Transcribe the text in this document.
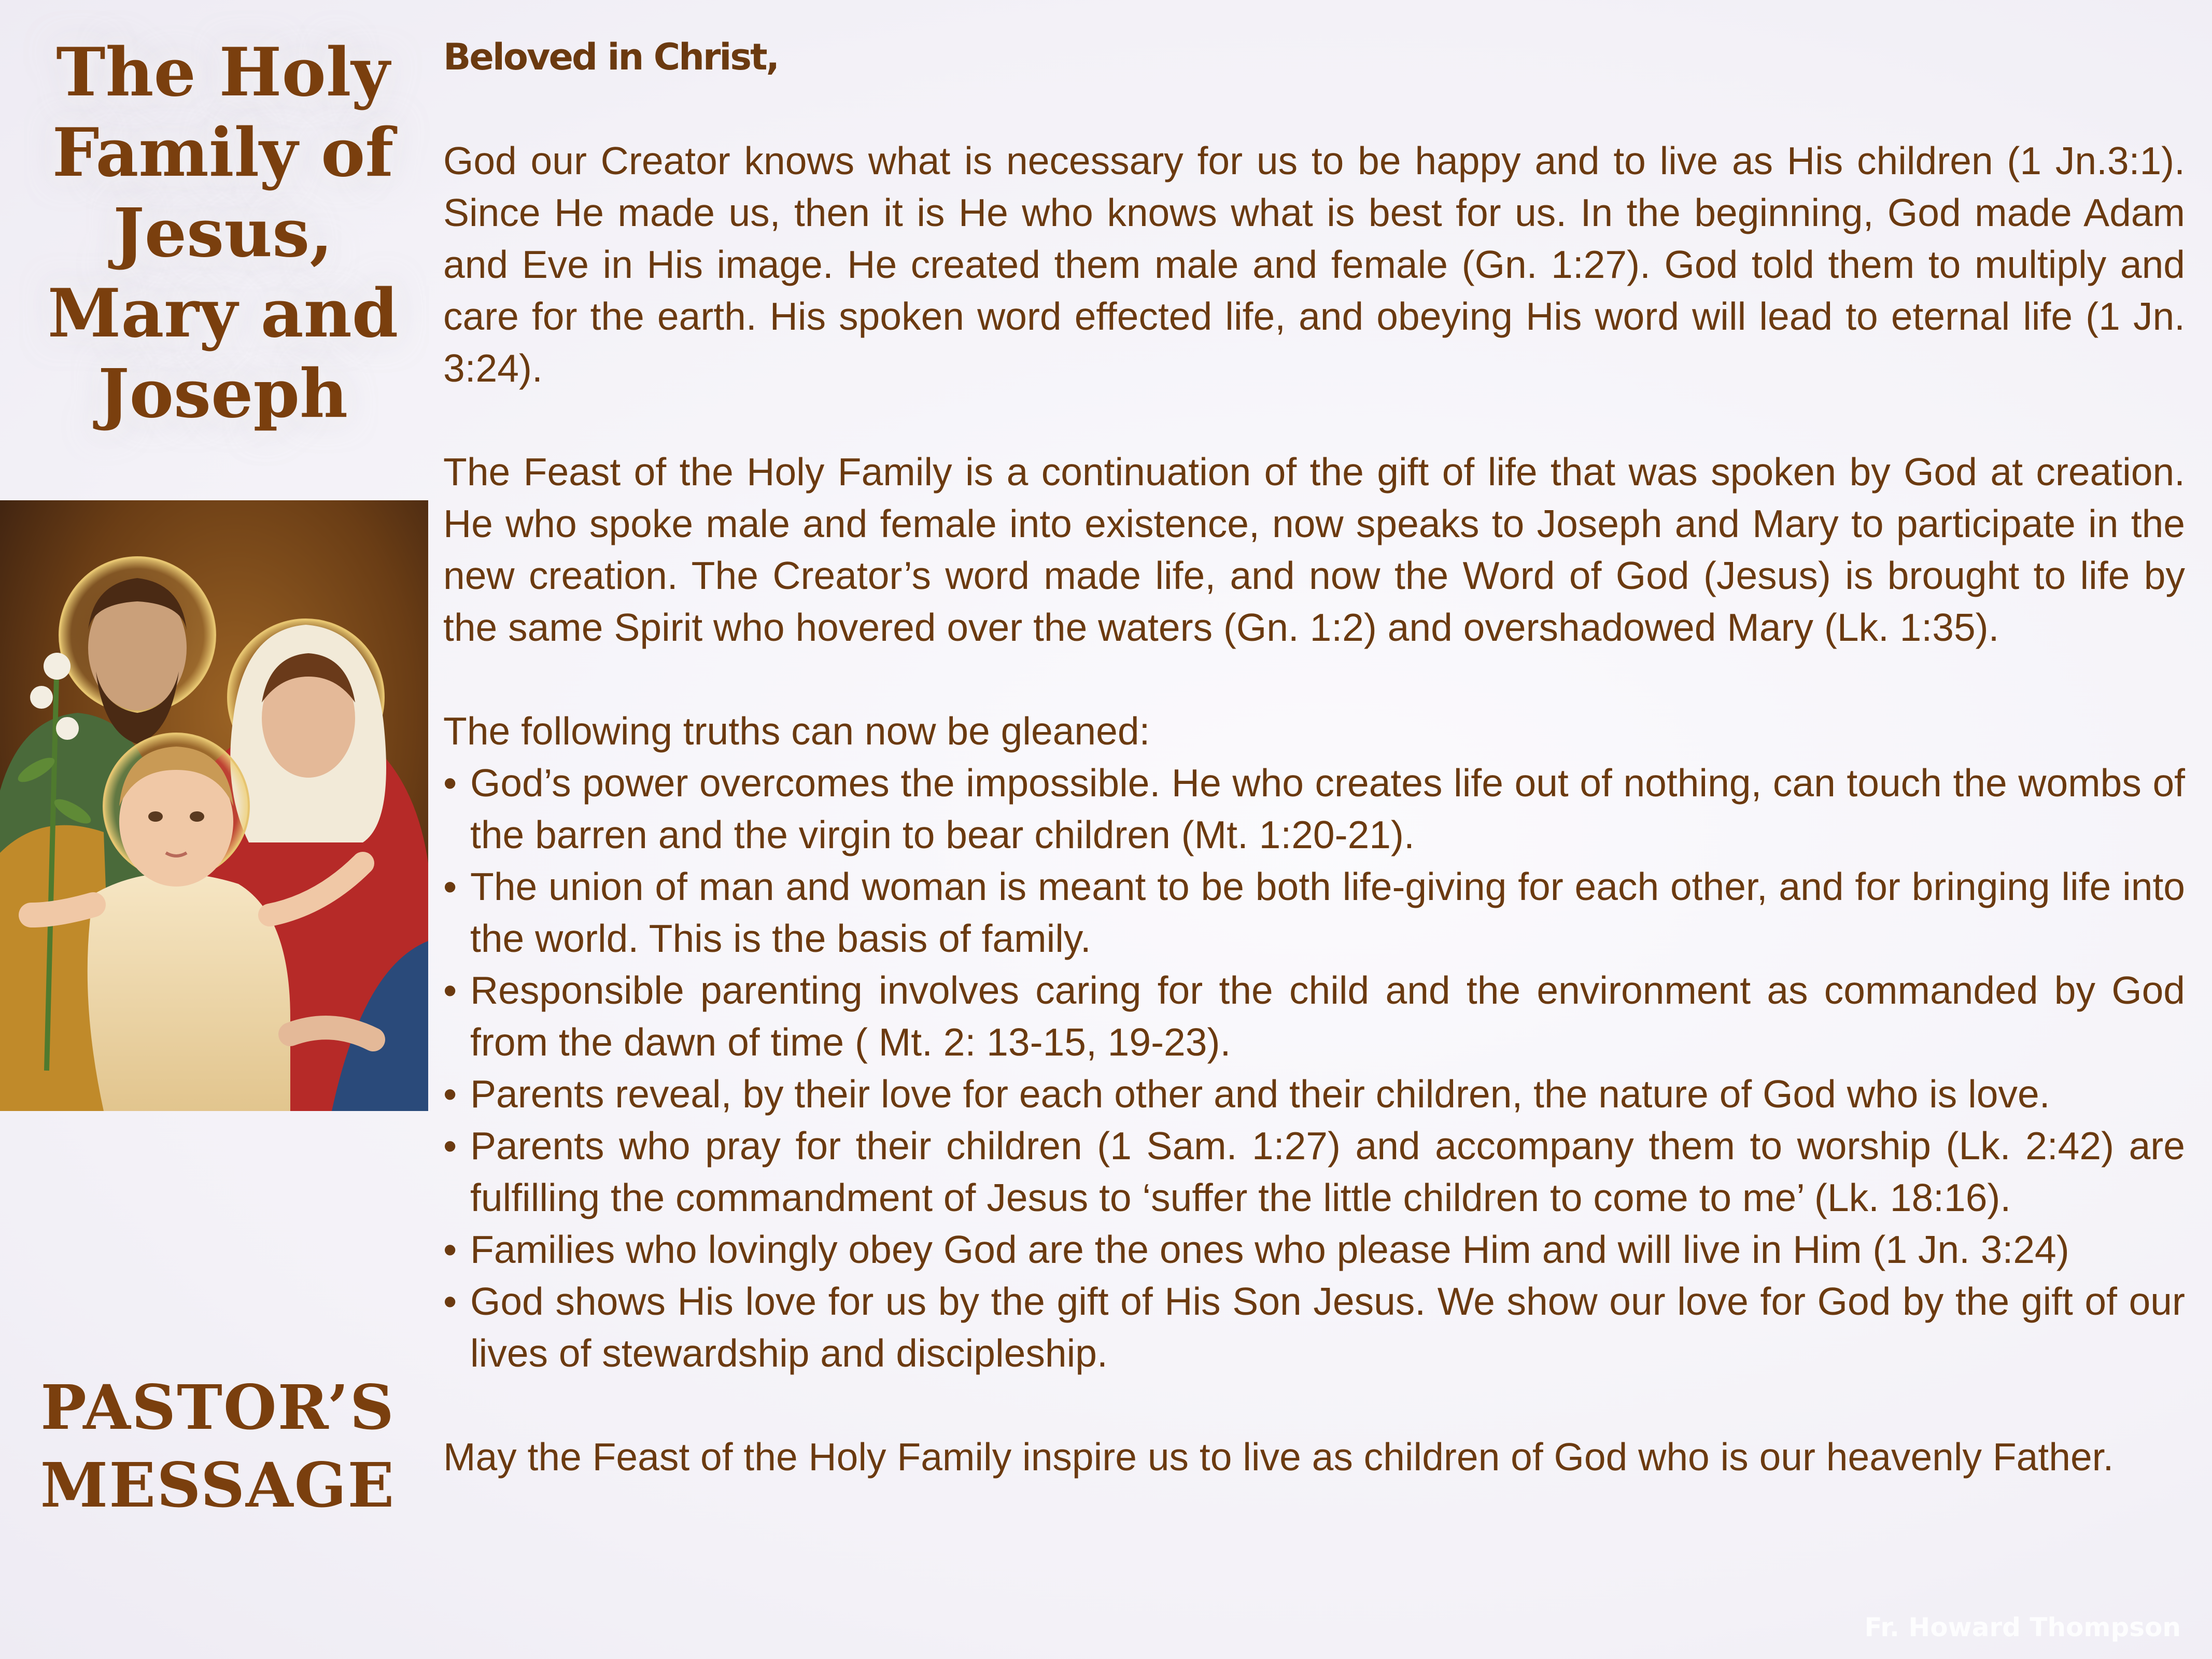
The Holy
Family of
Jesus,
Mary and
Joseph
PASTOR’S
MESSAGE

Beloved in Christ,

God our Creator knows what is necessary for us to be happy and to live as His children (1 Jn.3:1). Since He made us, then it is He who knows what is best for us. In the beginning, God made Adam and Eve in His image. He created them male and female (Gn. 1:27). God told them to multiply and care for the earth. His spoken word effected life, and obeying His word will lead to eternal life (1 Jn. 3:24).

The Feast of the Holy Family is a continuation of the gift of life that was spoken by God at creation. He who spoke male and female into existence, now speaks to Joseph and Mary to participate in the new creation. The Creator’s word made life, and now the Word of God (Jesus) is brought to life by the same Spirit who hovered over the waters (Gn. 1:2) and overshadowed Mary (Lk. 1:35).

The following truths can now be gleaned:

• God’s power overcomes the impossible. He who creates life out of nothing, can touch the wombs of the barren and the virgin to bear children (Mt. 1:20-21).
• The union of man and woman is meant to be both life-giving for each other, and for bringing life into the world. This is the basis of family.
• Responsible parenting involves caring for the child and the environment as commanded by God from the dawn of time ( Mt. 2: 13-15, 19-23).
• Parents reveal, by their love for each other and their children, the nature of God who is love.
• Parents who pray for their children (1 Sam. 1:27) and accompany them to worship (Lk. 2:42) are fulfilling the commandment of Jesus to ‘suffer the little children to come to me’ (Lk. 18:16).
• Families who lovingly obey God are the ones who please Him and will live in Him (1 Jn. 3:24)
• God shows His love for us by the gift of His Son Jesus. We show our love for God by the gift of our lives of stewardship and discipleship.

May the Feast of the Holy Family inspire us to live as children of God who is our heavenly Father.

Fr. Howard Thompson
